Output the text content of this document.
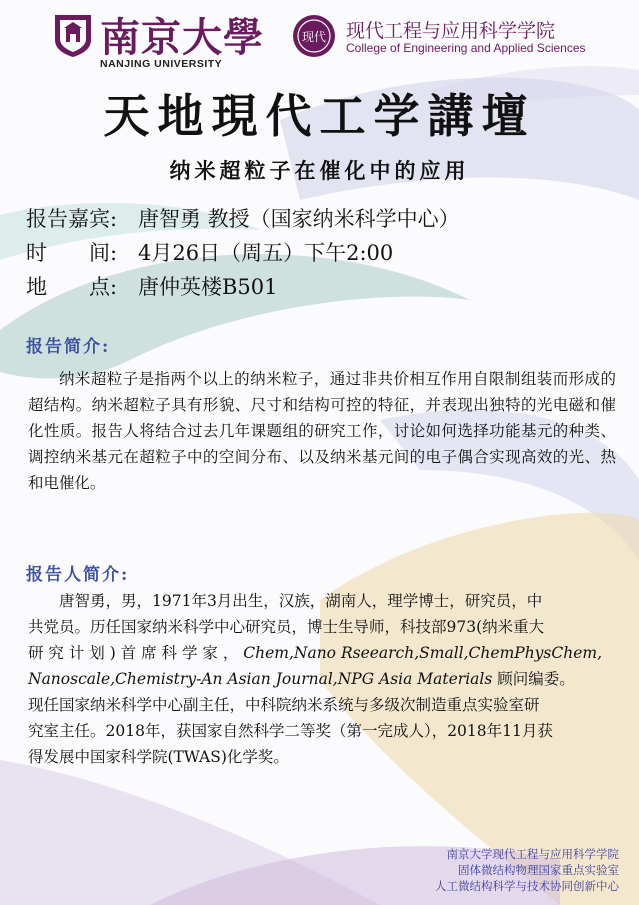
南京大學
NANJING UNIVERSITY
现代 现代工程与应用科学学院
College of Engineering and Applied Sciences
天地現代工学講壇
纳米超粒子在催化中的应用
报告嘉宾: 唐智勇 教授（国家纳米科学中心）
时　　间: 4月26日（周五）下午2:00
地　　点: 唐仲英楼B501
报告简介:

纳米超粒子是指两个以上的纳米粒子，通过非共价相互作用自限制组装而形成的超结构。纳米超粒子具有形貌、尺寸和结构可控的特征，并表现出独特的光电磁和催化性质。报告人将结合过去几年课题组的研究工作，讨论如何选择功能基元的种类、调控纳米基元在超粒子中的空间分布、以及纳米基元间的电子偶合实现高效的光、热和电催化。

报告人简介:
唐智勇，男，1971年3月出生，汉族，湖南人，理学博士，研究员，中
共党员。历任国家纳米科学中心研究员，博士生导师，科技部973(纳米重大
研 究 计 划 ) 首 席 科 学 家 ， Chem,Nano Rseearch,Small,ChemPhysChem,
Nanoscale,Chemistry-An Asian Journal,NPG Asia Materials 顾问编委。
现任国家纳米科学中心副主任，中科院纳米系统与多级次制造重点实验室研
究室主任。2018年，获国家自然科学二等奖（第一完成人），2018年11月获
得发展中国家科学院(TWAS)化学奖。
南京大学现代工程与应用科学学院
固体微结构物理国家重点实验室
人工微结构科学与技术协同创新中心
